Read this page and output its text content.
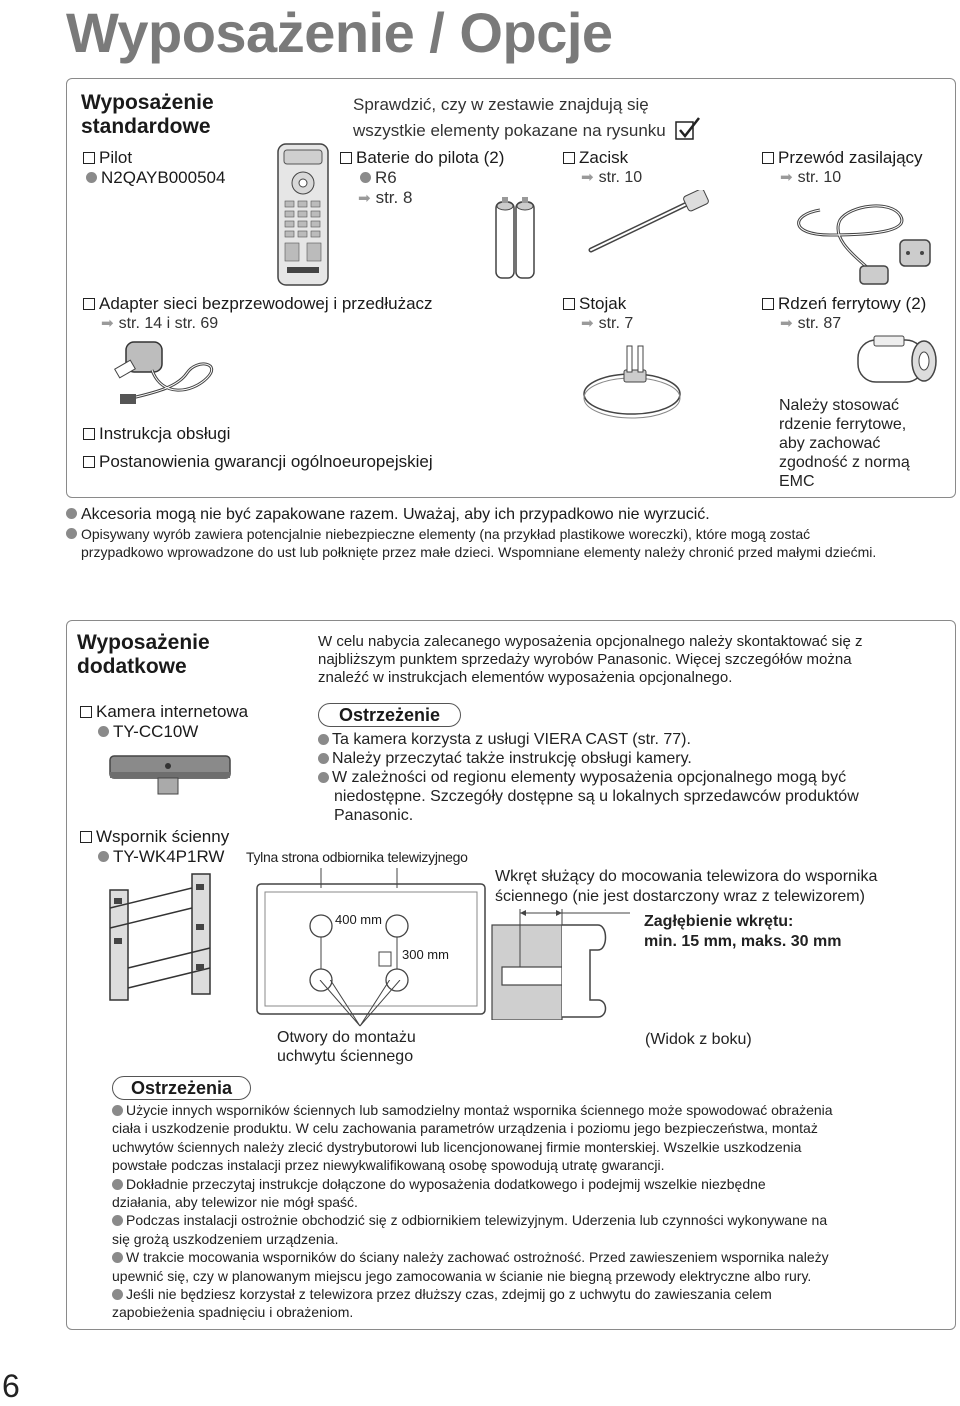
Wyposażenie / Opcje
Wyposażenie
standardowe
Sprawdzić, czy w zestawie znajdują się
wszystkie elementy pokazane na rysunku
Pilot
N2QAYB000504
Baterie do pilota (2)
R6
➡ str. 8
Zacisk
➡ str. 10
Przewód zasilający
➡ str. 10
Adapter sieci bezprzewodowej i przedłużacz
➡ str. 14 i str. 69
Stojak
➡ str. 7
Rdzeń ferrytowy (2)
➡ str. 87
Należy stosować
rdzenie ferrytowe,
aby zachować
zgodność z normą
EMC
Instrukcja obsługi
Postanowienia gwarancji ogólnoeuropejskiej
Akcesoria mogą nie być zapakowane razem. Uważaj, aby ich przypadkowo nie wyrzucić.
Opisywany wyrób zawiera potencjalnie niebezpieczne elementy (na przykład plastikowe woreczki), które mogą zostać
przypadkowo wprowadzone do ust lub połknięte przez małe dzieci. Wspomniane elementy należy chronić przed małymi dziećmi.
Wyposażenie
dodatkowe
W celu nabycia zalecanego wyposażenia opcjonalnego należy skontaktować się z
najbliższym punktem sprzedaży wyrobów Panasonic. Więcej szczegółów można
znaleźć w instrukcjach elementów wyposażenia opcjonalnego.
Kamera internetowa
TY-CC10W
Ostrzeżenie
Ta kamera korzysta z usługi VIERA CAST (str. 77).
Należy przeczytać także instrukcję obsługi kamery.
W zależności od regionu elementy wyposażenia opcjonalnego mogą być
niedostępne. Szczegóły dostępne są u lokalnych sprzedawców produktów
Panasonic.
Wspornik ścienny
TY-WK4P1RW	Tylna strona odbiornika telewizyjnego
400 mm
300 mm
Otwory do montażu
uchwytu ściennego
Wkręt służący do mocowania telewizora do wspornika
ściennego (nie jest dostarczony wraz z telewizorem)
Zagłębienie wkrętu:
min. 15 mm, maks. 30 mm
(Widok z boku)
Ostrzeżenia
Użycie innych wsporników ściennych lub samodzielny montaż wspornika ściennego może spowodować obrażenia
ciała i uszkodzenie produktu. W celu zachowania parametrów urządzenia i poziomu jego bezpieczeństwa, montaż
uchwytów ściennych należy zlecić dystrybutorowi lub licencjonowanej firmie monterskiej. Wszelkie uszkodzenia
powstałe podczas instalacji przez niewykwalifikowaną osobę spowodują utratę gwarancji.
Dokładnie przeczytaj instrukcje dołączone do wyposażenia dodatkowego i podejmij wszelkie niezbędne
działania, aby telewizor nie mógł spaść.
Podczas instalacji ostrożnie obchodzić się z odbiornikiem telewizyjnym. Uderzenia lub czynności wykonywane na
się grożą uszkodzeniem urządzenia.
W trakcie mocowania wsporników do ściany należy zachować ostrożność. Przed zawieszeniem wspornika należy
upewnić się, czy w planowanym miejscu jego zamocowania w ścianie nie biegną przewody elektryczne albo rury.
Jeśli nie będziesz korzystał z telewizora przez dłuższy czas, zdejmij go z uchwytu do zawieszania celem
zapobieżenia spadnięciu i obrażeniom.
6
